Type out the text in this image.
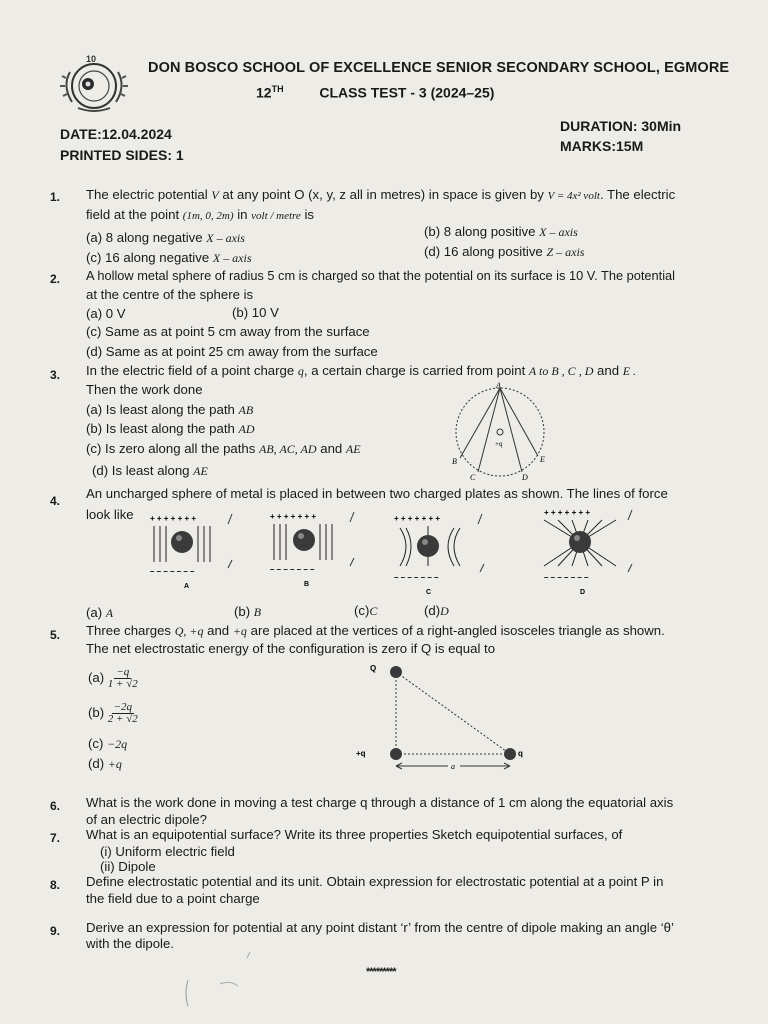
10
DON BOSCO SCHOOL OF EXCELLENCE SENIOR SECONDARY SCHOOL, EGMORE
12TH	CLASS TEST - 3 (2024–25)
DATE:12.04.2024
PRINTED SIDES: 1
DURATION: 30Min
MARKS:15M
1. The electric potential V at any point O (x, y, z all in metres) in space is given by V = 4x² volt. The electric
field at the point (1m, 0, 2m) in volt / metre is
(a) 8 along negative X – axis	(b) 8 along positive X – axis
(c) 16 along negative X – axis	(d) 16 along positive Z – axis
2. A hollow metal sphere of radius 5 cm is charged so that the potential on its surface is 10 V. The potential
at the centre of the sphere is
(a) 0 V	(b) 10 V
(c) Same as at point 5 cm away from the surface
(d) Same as at point 25 cm away from the surface
3. In the electric field of a point charge q, a certain charge is carried from point A to B , C , D and E .
Then the work done
(a) Is least along the path AB
(b) Is least along the path AD
(c) Is zero along all the paths AB, AC, AD and AE
(d) Is least along AE
+q
A
B
C	D
E
4. An uncharged sphere of metal is placed in between two charged plates as shown. The lines of force
look like + + + + + + +
– – – – – – –
A
+ + + + + + +
– – – – – – –
B
+ + + + + + +
– – – – – – –
C
+ + + + + + +
– – – – – – –
D
(a) A	(b) B	(c)C	(d)D
5. Three charges Q, +q and +q are placed at the vertices of a right-angled isosceles triangle as shown.
The net electrostatic energy of the configuration is zero if Q is equal to
$(a) \frac{-q}{1 + √2}$
$(b) \frac{-2q}{2 + √2}$
(c) −2q
(d) +q
Q
+q	q
a
6. What is the work done in moving a test charge q through a distance of 1 cm along the equatorial axis
of an electric dipole?
7. What is an equipotential surface? Write its three properties Sketch equipotential surfaces, of
(i) Uniform electric field
(ii) Dipole
8. Define electrostatic potential and its unit. Obtain expression for electrostatic potential at a point P in
the field due to a point charge
9. Derive an expression for potential at any point distant ‘r’ from the centre of dipole making an angle ‘θ’
with the dipole.
*********
